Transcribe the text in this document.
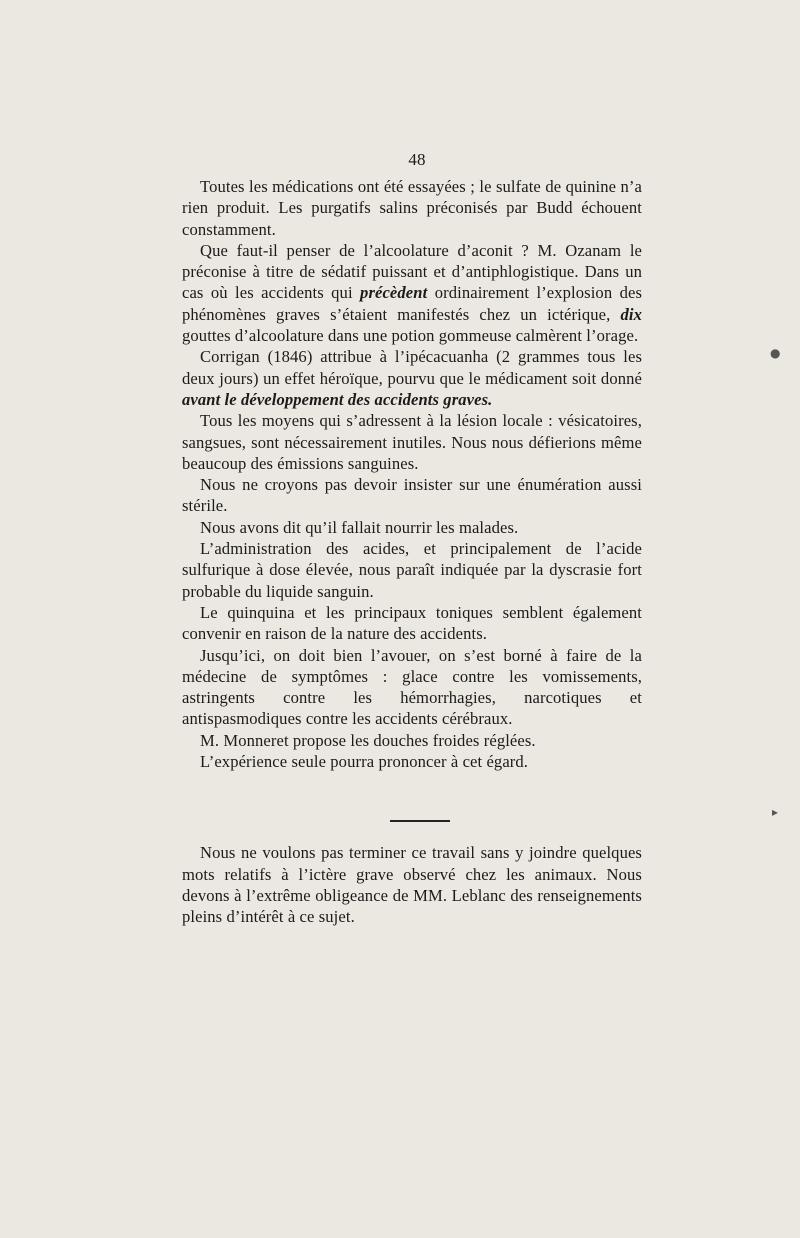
48

Toutes les médications ont été essayées ; le sulfate de quinine n’a rien produit. Les purgatifs salins préconisés par Budd échouent constamment.

Que faut-il penser de l’alcoolature d’aconit ? M. Ozanam le préconise à titre de sédatif puissant et d’antiphlogistique. Dans un cas où les accidents qui précèdent ordinairement l’explosion des phénomènes graves s’étaient manifestés chez un ictérique, dix gouttes d’alcoolature dans une potion gommeuse calmèrent l’orage.

Corrigan (1846) attribue à l’ipécacuanha (2 grammes tous les deux jours) un effet héroïque, pourvu que le médicament soit donné avant le développement des accidents graves.

Tous les moyens qui s’adressent à la lésion locale : vésicatoires, sangsues, sont nécessairement inutiles. Nous nous défierions même beaucoup des émissions sanguines.

Nous ne croyons pas devoir insister sur une énumération aussi stérile.

Nous avons dit qu’il fallait nourrir les malades.

L’administration des acides, et principalement de l’acide sulfurique à dose élevée, nous paraît indiquée par la dyscrasie fort probable du liquide sanguin.

Le quinquina et les principaux toniques semblent également convenir en raison de la nature des accidents.

Jusqu’ici, on doit bien l’avouer, on s’est borné à faire de la médecine de symptômes : glace contre les vomissements, astringents contre les hémorrhagies, narcotiques et antispasmodiques contre les accidents cérébraux.

M. Monneret propose les douches froides réglées.

L’expérience seule pourra prononcer à cet égard.

Nous ne voulons pas terminer ce travail sans y joindre quelques mots relatifs à l’ictère grave observé chez les animaux. Nous devons à l’extrême obligeance de MM. Leblanc des renseignements pleins d’intérêt à ce sujet.

●
▸
